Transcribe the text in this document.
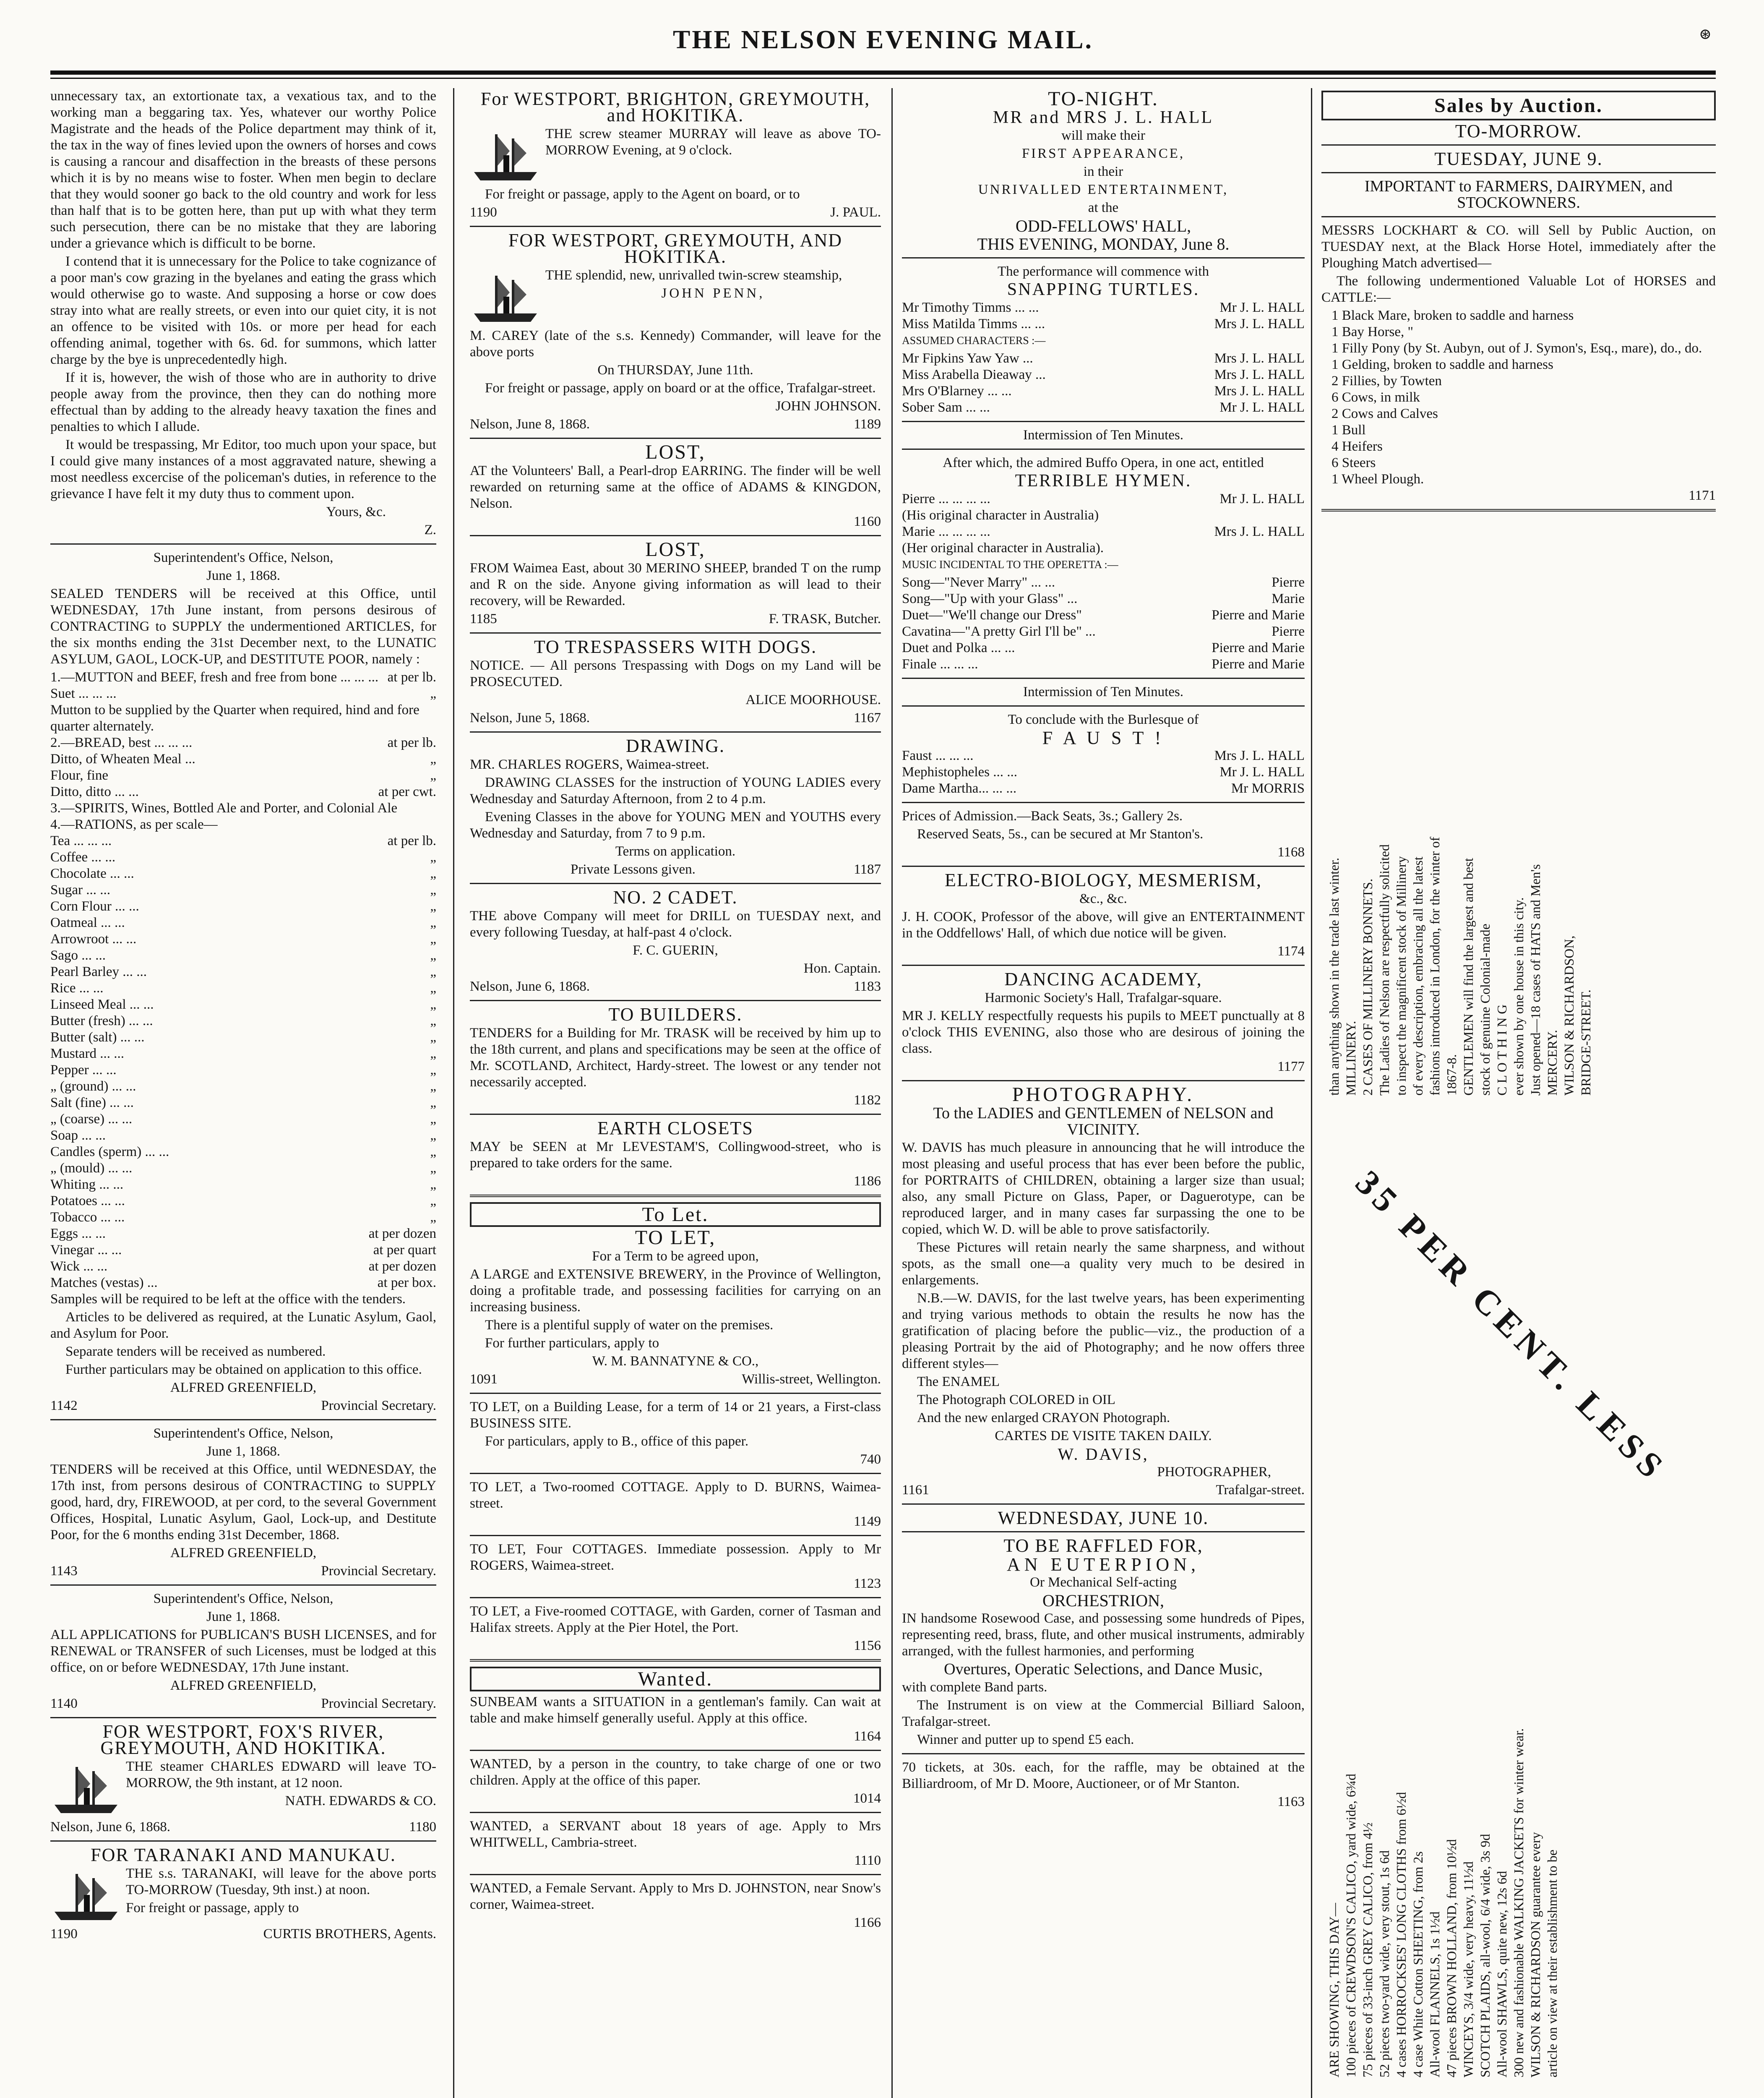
THE NELSON EVENING MAIL.	⊛

unnecessary tax, an extortionate tax, a vexatious tax, and to the working man a beggaring tax. Yes, whatever our worthy Police Magistrate and the heads of the Police department may think of it, the tax in the way of fines levied upon the owners of horses and cows is causing a rancour and disaffection in the breasts of these persons which it is by no means wise to foster. When men begin to declare that they would sooner go back to the old country and work for less than half that is to be gotten here, than put up with what they term such persecution, there can be no mistake that they are laboring under a grievance which is difficult to be borne.

I contend that it is unnecessary for the Police to take cognizance of a poor man's cow grazing in the byelanes and eating the grass which would otherwise go to waste. And supposing a horse or cow does stray into what are really streets, or even into our quiet city, it is not an offence to be visited with 10s. or more per head for each offending animal, together with 6s. 6d. for summons, which latter charge by the bye is unprecedentedly high.

If it is, however, the wish of those who are in authority to drive people away from the province, then they can do nothing more effectual than by adding to the already heavy taxation the fines and penalties to which I allude.

It would be trespassing, Mr Editor, too much upon your space, but I could give many instances of a most aggravated nature, shewing a most needless excercise of the policeman's duties, in reference to the grievance I have felt it my duty thus to comment upon.

Yours, &c.

Z.

Superintendent's Office, Nelson,

June 1, 1868.

SEALED TENDERS will be received at this Office, until WEDNESDAY, 17th June instant, from persons desirous of CONTRACTING to SUPPLY the undermentioned ARTICLES, for the six months ending the 31st December next, to the LUNATIC ASYLUM, GAOL, LOCK-UP, and DESTITUTE POOR, namely :

1.—MUTTON and BEEF, fresh and free from bone ... ... ... at per lb.
Suet ... ... ...	„
Mutton to be supplied by the Quarter when required, hind and fore quarter alternately.
2.—BREAD, best ... ... ...	at per lb.
Ditto, of Wheaten Meal ...	„
Flour, fine	„
Ditto, ditto ... ...	at per cwt.
3.—SPIRITS, Wines, Bottled Ale and Porter, and Colonial Ale
4.—RATIONS, as per scale—
Tea ... ... ...	at per lb.
Coffee ... ...	„
Chocolate ... ...	„
Sugar ... ...	„
Corn Flour ... ...	„
Oatmeal ... ...	„
Arrowroot ... ...	„
Sago ... ...	„
Pearl Barley ... ...	„
Rice ... ...	„
Linseed Meal ... ...	„
Butter (fresh) ... ...	„
Butter (salt) ... ...	„
Mustard ... ...	„
Pepper ... ...	„
„ (ground) ... ...	„
Salt (fine) ... ...	„
„ (coarse) ... ...	„
Soap ... ...	„
Candles (sperm) ... ...	„
„ (mould) ... ...	„
Whiting ... ...	„
Potatoes ... ...	„
Tobacco ... ...	„
Eggs ... ...	at per dozen
Vinegar ... ...	at per quart
Wick ... ...	at per dozen
Matches (vestas) ...	at per box.

Samples will be required to be left at the office with the tenders.

Articles to be delivered as required, at the Lunatic Asylum, Gaol, and Asylum for Poor.

Separate tenders will be received as numbered.

Further particulars may be obtained on application to this office.

ALFRED GREENFIELD,

1142	Provincial Secretary.

Superintendent's Office, Nelson,

June 1, 1868.

TENDERS will be received at this Office, until WEDNESDAY, the 17th inst, from persons desirous of CONTRACTING to SUPPLY good, hard, dry, FIREWOOD, at per cord, to the several Government Offices, Hospital, Lunatic Asylum, Gaol, Lock-up, and Destitute Poor, for the 6 months ending 31st December, 1868.

ALFRED GREENFIELD,

1143	Provincial Secretary.

Superintendent's Office, Nelson,

June 1, 1868.

ALL APPLICATIONS for PUBLICAN'S BUSH LICENSES, and for RENEWAL or TRANSFER of such Licenses, must be lodged at this office, on or before WEDNESDAY, 17th June instant.

ALFRED GREENFIELD,

1140	Provincial Secretary.

FOR WESTPORT, FOX'S RIVER, GREYMOUTH, AND HOKITIKA.

THE steamer CHARLES EDWARD will leave TO-MORROW, the 9th instant, at 12 noon.

NATH. EDWARDS & CO.

Nelson, June 6, 1868.	1180

FOR TARANAKI AND MANUKAU.

THE s.s. TARANAKI, will leave for the above ports TO-MORROW (Tuesday, 9th inst.) at noon.

For freight or passage, apply to

1190	CURTIS BROTHERS, Agents.

For WESTPORT, BRIGHTON, GREYMOUTH, and HOKITIKA.

THE screw steamer MURRAY will leave as above TO-MORROW Evening, at 9 o'clock.

For freight or passage, apply to the Agent on board, or to

1190	J. PAUL.

FOR WESTPORT, GREYMOUTH, AND HOKITIKA.

THE splendid, new, unrivalled twin-screw steamship,

JOHN PENN,

M. CAREY (late of the s.s. Kennedy) Commander, will leave for the above ports

On THURSDAY, June 11th.

For freight or passage, apply on board or at the office, Trafalgar-street.

JOHN JOHNSON.

Nelson, June 8, 1868.	1189

LOST,

AT the Volunteers' Ball, a Pearl-drop EARRING. The finder will be well rewarded on returning same at the office of ADAMS & KINGDON, Nelson.

1160

LOST,

FROM Waimea East, about 30 MERINO SHEEP, branded T on the rump and R on the side. Anyone giving information as will lead to their recovery, will be Rewarded.

1185	F. TRASK, Butcher.

TO TRESPASSERS WITH DOGS.

NOTICE. — All persons Trespassing with Dogs on my Land will be PROSECUTED.

ALICE MOORHOUSE.

Nelson, June 5, 1868.	1167

DRAWING.

MR. CHARLES ROGERS, Waimea-street.

DRAWING CLASSES for the instruction of YOUNG LADIES every Wednesday and Saturday Afternoon, from 2 to 4 p.m.

Evening Classes in the above for YOUNG MEN and YOUTHS every Wednesday and Saturday, from 7 to 9 p.m.

Terms on application.

Private Lessons given.	1187

NO. 2 CADET.

THE above Company will meet for DRILL on TUESDAY next, and every following Tuesday, at half-past 4 o'clock.

F. C. GUERIN,

Hon. Captain.

Nelson, June 6, 1868.	1183

TO BUILDERS.

TENDERS for a Building for Mr. TRASK will be received by him up to the 18th current, and plans and specifications may be seen at the office of Mr. SCOTLAND, Architect, Hardy-street. The lowest or any tender not necessarily accepted.

1182

EARTH CLOSETS

MAY be SEEN at Mr LEVESTAM'S, Collingwood-street, who is prepared to take orders for the same.

1186

To Let.

TO LET,

For a Term to be agreed upon,

A LARGE and EXTENSIVE BREWERY, in the Province of Wellington, doing a profitable trade, and possessing facilities for carrying on an increasing business.

There is a plentiful supply of water on the premises.

For further particulars, apply to

W. M. BANNATYNE & CO.,

1091	Willis-street, Wellington.

TO LET, on a Building Lease, for a term of 14 or 21 years, a First-class BUSINESS SITE.

For particulars, apply to B., office of this paper.

740

TO LET, a Two-roomed COTTAGE. Apply to D. BURNS, Waimea-street.

1149

TO LET, Four COTTAGES. Immediate possession. Apply to Mr ROGERS, Waimea-street.

1123

TO LET, a Five-roomed COTTAGE, with Garden, corner of Tasman and Halifax streets. Apply at the Pier Hotel, the Port.

1156

Wanted.

SUNBEAM wants a SITUATION in a gentleman's family. Can wait at table and make himself generally useful. Apply at this office.

1164

WANTED, by a person in the country, to take charge of one or two children. Apply at the office of this paper.

1014

WANTED, a SERVANT about 18 years of age. Apply to Mrs WHITWELL, Cambria-street.

1110

WANTED, a Female Servant. Apply to Mrs D. JOHNSTON, near Snow's corner, Waimea-street.

1166

TO-NIGHT.

MR and MRS J. L. HALL

will make their

FIRST APPEARANCE,

in their

UNRIVALLED ENTERTAINMENT,

at the

ODD-FELLOWS' HALL,

THIS EVENING, MONDAY, June 8.

The performance will commence with

SNAPPING TURTLES.

Mr Timothy Timms ... ...	Mr J. L. HALL
Miss Matilda Timms ... ...	Mrs J. L. HALL

ASSUMED CHARACTERS :—

Mr Fipkins Yaw Yaw ...	Mrs J. L. HALL
Miss Arabella Dieaway ...	Mrs J. L. HALL
Mrs O'Blarney ... ...	Mrs J. L. HALL
Sober Sam ... ...	Mr J. L. HALL

Intermission of Ten Minutes.

After which, the admired Buffo Opera, in one act, entitled

TERRIBLE HYMEN.

Pierre ... ... ... ...	Mr J. L. HALL
(His original character in Australia)
Marie ... ... ... ...	Mrs J. L. HALL
(Her original character in Australia).

MUSIC INCIDENTAL TO THE OPERETTA :—

Song—"Never Marry" ... ...	Pierre
Song—"Up with your Glass" ...	Marie
Duet—"We'll change our Dress"	Pierre and Marie
Cavatina—"A pretty Girl I'll be" ...	Pierre
Duet and Polka ... ...	Pierre and Marie
Finale ... ... ...	Pierre and Marie

Intermission of Ten Minutes.

To conclude with the Burlesque of

F A U S T !

Faust ... ... ...	Mrs J. L. HALL
Mephistopheles ... ...	Mr J. L. HALL
Dame Martha... ... ...	Mr MORRIS

Prices of Admission.—Back Seats, 3s.; Gallery 2s.

Reserved Seats, 5s., can be secured at Mr Stanton's.

1168

ELECTRO-BIOLOGY, MESMERISM,

&c., &c.

J. H. COOK, Professor of the above, will give an ENTERTAINMENT in the Oddfellows' Hall, of which due notice will be given.

1174

DANCING ACADEMY,

Harmonic Society's Hall, Trafalgar-square.

MR J. KELLY respectfully requests his pupils to MEET punctually at 8 o'clock THIS EVENING, also those who are desirous of joining the class.

1177

PHOTOGRAPHY.

To the LADIES and GENTLEMEN of NELSON and VICINITY.

W. DAVIS has much pleasure in announcing that he will introduce the most pleasing and useful process that has ever been before the public, for PORTRAITS of CHILDREN, obtaining a larger size than usual; also, any small Picture on Glass, Paper, or Daguerotype, can be reproduced larger, and in many cases far surpassing the one to be copied, which W. D. will be able to prove satisfactorily.

These Pictures will retain nearly the same sharpness, and without spots, as the small one—a quality very much to be desired in enlargements.

N.B.—W. DAVIS, for the last twelve years, has been experimenting and trying various methods to obtain the results he now has the gratification of placing before the public—viz., the production of a pleasing Portrait by the aid of Photography; and he now offers three different styles—

The ENAMEL

The Photograph COLORED in OIL

And the new enlarged CRAYON Photograph.

CARTES DE VISITE TAKEN DAILY.

W. DAVIS,

PHOTOGRAPHER,

1161	Trafalgar-street.

WEDNESDAY, JUNE 10.

TO BE RAFFLED FOR,

AN EUTERPION,

Or Mechanical Self-acting

ORCHESTRION,

IN handsome Rosewood Case, and possessing some hundreds of Pipes, representing reed, brass, flute, and other musical instruments, admirably arranged, with the fullest harmonies, and performing

Overtures, Operatic Selections, and Dance Music,

with complete Band parts.

The Instrument is on view at the Commercial Billiard Saloon, Trafalgar-street.

Winner and putter up to spend £5 each.

70 tickets, at 30s. each, for the raffle, may be obtained at the Billiardroom, of Mr D. Moore, Auctioneer, or of Mr Stanton.

1163

Sales by Auction.

TO-MORROW.

TUESDAY, JUNE 9.

IMPORTANT to FARMERS, DAIRYMEN, and STOCKOWNERS.

MESSRS LOCKHART & CO. will Sell by Public Auction, on TUESDAY next, at the Black Horse Hotel, immediately after the Ploughing Match advertised—

The following undermentioned Valuable Lot of HORSES and CATTLE:—

1 Black Mare, broken to saddle and harness
1 Bay Horse, "
1 Filly Pony (by St. Aubyn, out of J. Symon's, Esq., mare), do., do.
1 Gelding, broken to saddle and harness
2 Fillies, by Towten
6 Cows, in milk
2 Cows and Calves
1 Bull
4 Heifers
6 Steers
1 Wheel Plough.

1171

than anything shown in the trade last winter. MILLINERY. 2 CASES OF MILLINERY BONNETS. The Ladies of Nelson are respectfully solicited to inspect the magnificent stock of Millinery of every description, embracing all the latest fashions introduced in London, for the winter of 1867-8. GENTLEMEN will find the largest and best stock of genuine Colonial-made C L O T H I N G ever shown by one house in this city. Just opened—18 cases of HATS and Men's MERCERY. WILSON & RICHARDSON, BRIDGE-STREET.
35 PER CENT. LESS
ARE SHOWING, THIS DAY— 100 pieces of CREWDSON'S CALICO, yard wide, 6¾d 75 pieces of 33-inch GREY CALICO, from 4½ 52 pieces two-yard wide, very stout, 1s 6d 4 cases HORROCKSES' LONG CLOTHS from 6½d 4 case White Cotton SHEETING, from 2s All-wool FLANNELS, 1s 1½d 47 pieces BROWN HOLLAND, from 10½d WINCEYS, 3/4 wide, very heavy, 11½d SCOTCH PLAIDS, all-wool, 6/4 wide, 3s 9d All-wool SHAWLS, quite new, 12s 6d 300 new and fashionable WALKING JACKETS for winter wear. WILSON & RICHARDSON guarantee every article on view at their establishment to be
